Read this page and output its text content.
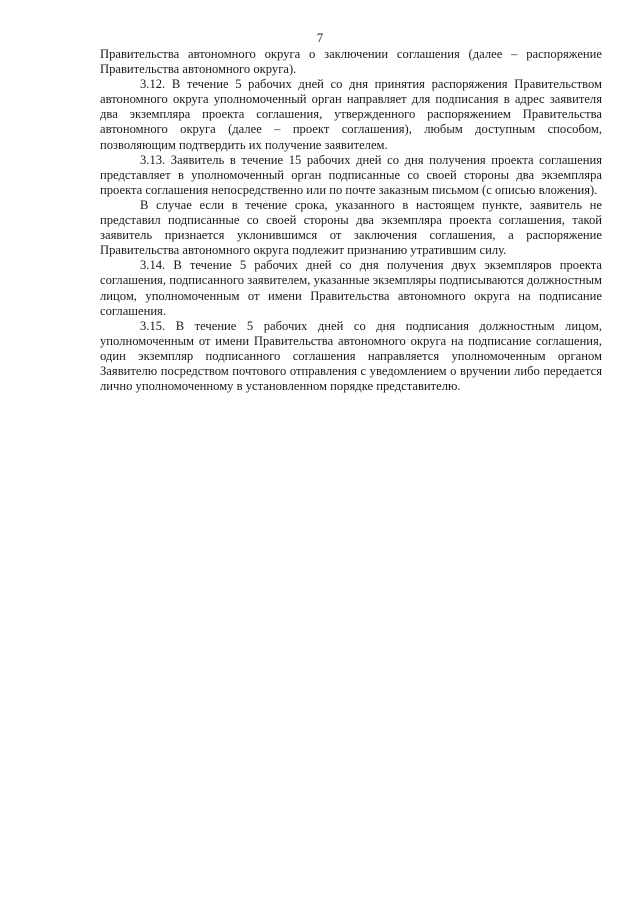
7

Правительства автономного округа о заключении соглашения (далее – распоряжение Правительства автономного округа).

3.12. В течение 5 рабочих дней со дня принятия распоряжения Правительством автономного округа уполномоченный орган направляет для подписания в адрес заявителя два экземпляра проекта соглашения, утвержденного распоряжением Правительства автономного округа (далее – проект соглашения), любым доступным способом, позволяющим подтвердить их получение заявителем.

3.13. Заявитель в течение 15 рабочих дней со дня получения проекта соглашения представляет в уполномоченный орган подписанные со своей стороны два экземпляра проекта соглашения непосредственно или по почте заказным письмом (с описью вложения).

В случае если в течение срока, указанного в настоящем пункте, заявитель не представил подписанные со своей стороны два экземпляра проекта соглашения, такой заявитель признается уклонившимся от заключения соглашения, а распоряжение Правительства автономного округа подлежит признанию утратившим силу.

3.14. В течение 5 рабочих дней со дня получения двух экземпляров проекта соглашения, подписанного заявителем, указанные экземпляры подписываются должностным лицом, уполномоченным от имени Правительства автономного округа на подписание соглашения.

3.15. В течение 5 рабочих дней со дня подписания должностным лицом, уполномоченным от имени Правительства автономного округа на подписание соглашения, один экземпляр подписанного соглашения направляется уполномоченным органом Заявителю посредством почтового отправления с уведомлением о вручении либо передается лично уполномоченному в установленном порядке представителю.
